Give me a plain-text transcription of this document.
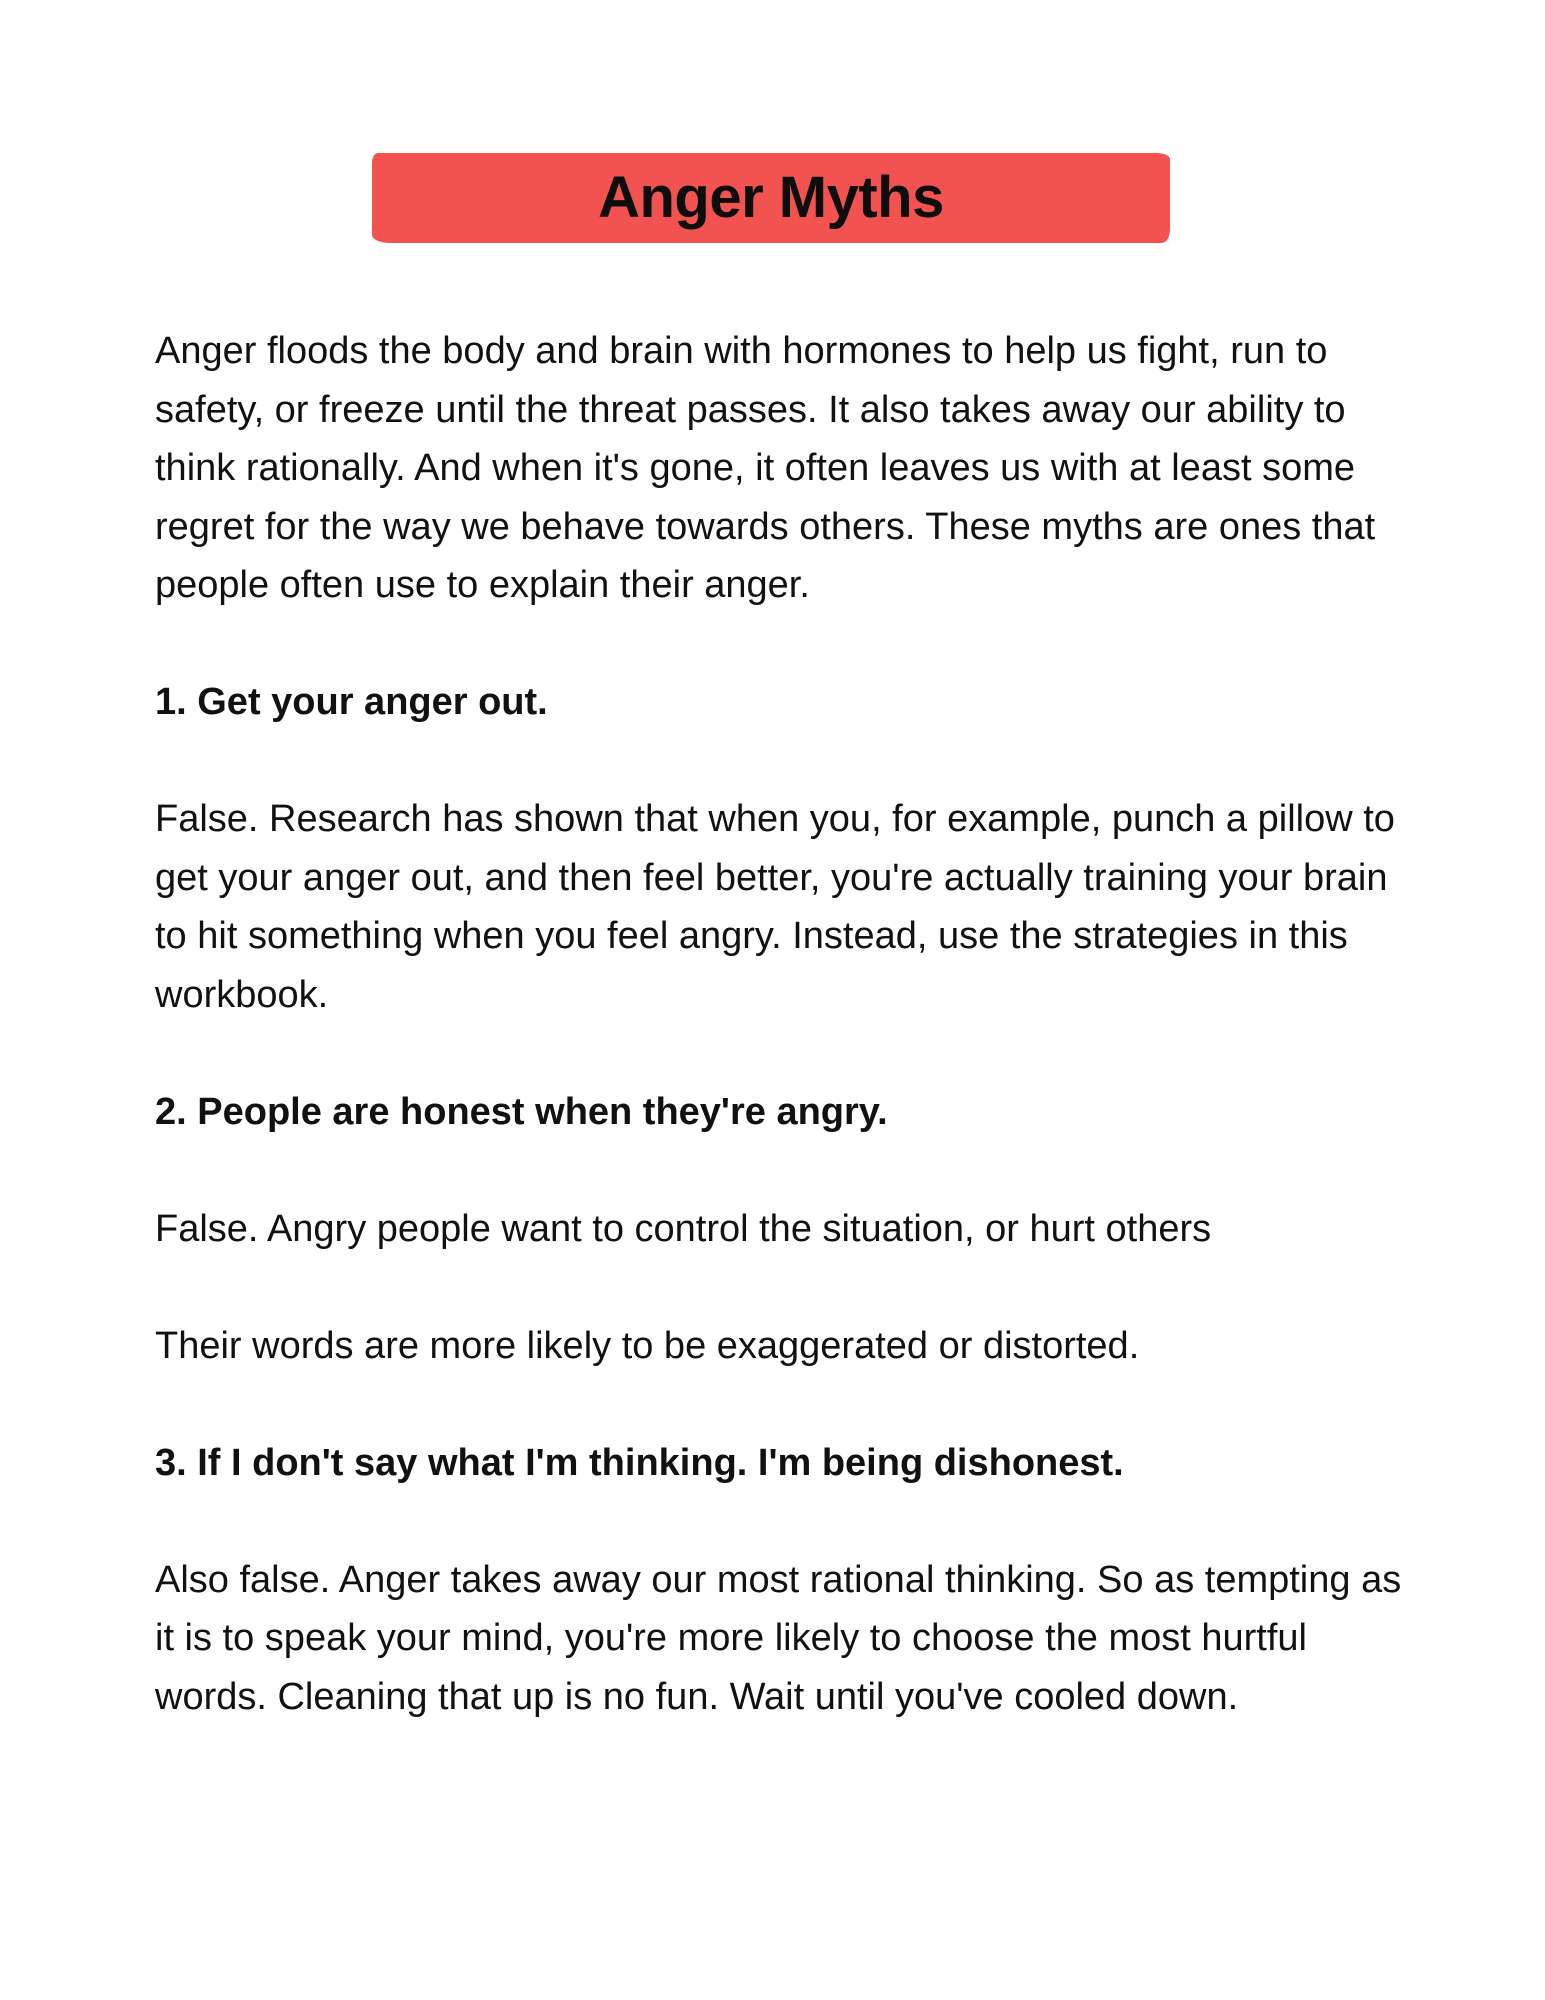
Anger Myths

Anger floods the body and brain with hormones to help us fight, run to safety, or freeze until the threat passes. It also takes away our ability to think rationally. And when it's gone, it often leaves us with at least some regret for the way we behave towards others. These myths are ones that people often use to explain their anger.

1. Get your anger out.

False. Research has shown that when you, for example, punch a pillow to get your anger out, and then feel better, you're actually training your brain to hit something when you feel angry. Instead, use the strategies in this workbook.

2. People are honest when they're angry.

False. Angry people want to control the situation, or hurt others

Their words are more likely to be exaggerated or distorted.

3. If I don't say what I'm thinking. I'm being dishonest.

Also false. Anger takes away our most rational thinking. So as tempting as it is to speak your mind, you're more likely to choose the most hurtful words. Cleaning that up is no fun. Wait until you've cooled down.
